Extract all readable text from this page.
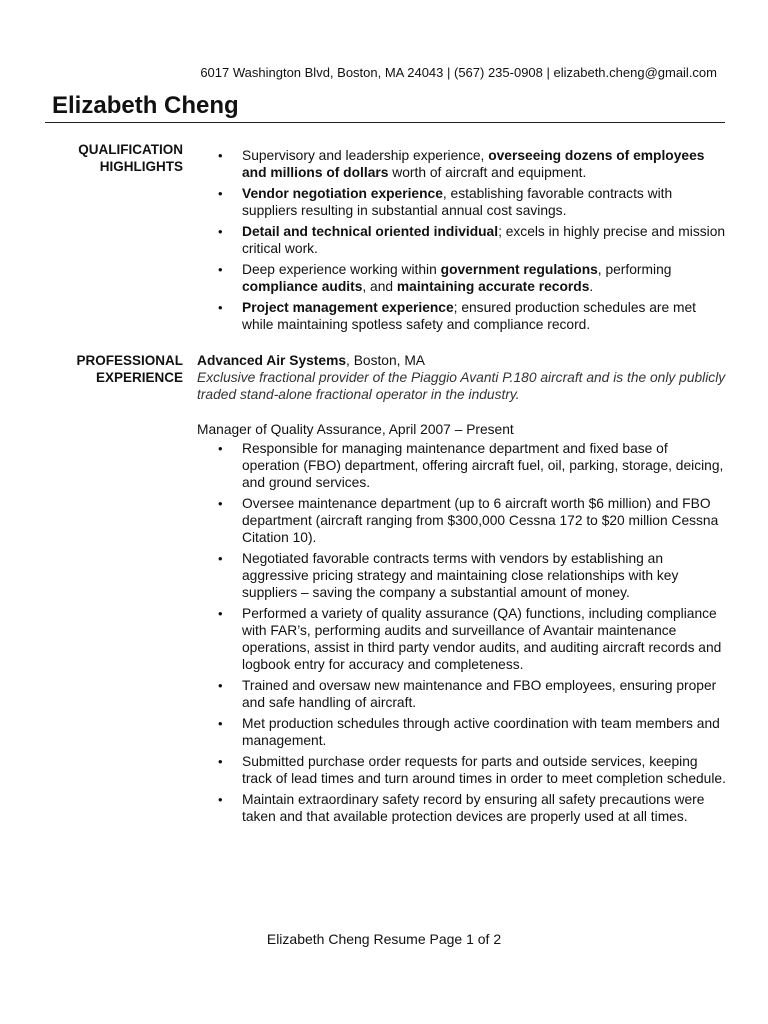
6017 Washington Blvd, Boston, MA 24043 | (567) 235-0908 | elizabeth.cheng@gmail.com
Elizabeth Cheng
QUALIFICATION
HIGHLIGHTS
• Supervisory and leadership experience, overseeing dozens of employees and millions of dollars worth of aircraft and equipment.
• Vendor negotiation experience, establishing favorable contracts with suppliers resulting in substantial annual cost savings.
• Detail and technical oriented individual; excels in highly precise and mission critical work.
• Deep experience working within government regulations, performing compliance audits, and maintaining accurate records.
• Project management experience; ensured production schedules are met while maintaining spotless safety and compliance record.
PROFESSIONAL
EXPERIENCE

Advanced Air Systems, Boston, MA

Exclusive fractional provider of the Piaggio Avanti P.180 aircraft and is the only publicly traded stand-alone fractional operator in the industry.

Manager of Quality Assurance, April 2007 – Present

• Responsible for managing maintenance department and fixed base of operation (FBO) department, offering aircraft fuel, oil, parking, storage, deicing, and ground services.
• Oversee maintenance department (up to 6 aircraft worth $6 million) and FBO department (aircraft ranging from $300,000 Cessna 172 to $20 million Cessna Citation 10).
• Negotiated favorable contracts terms with vendors by establishing an aggressive pricing strategy and maintaining close relationships with key suppliers – saving the company a substantial amount of money.
• Performed a variety of quality assurance (QA) functions, including compliance with FAR’s, performing audits and surveillance of Avantair maintenance operations, assist in third party vendor audits, and auditing aircraft records and logbook entry for accuracy and completeness.
• Trained and oversaw new maintenance and FBO employees, ensuring proper and safe handling of aircraft.
• Met production schedules through active coordination with team members and management.
• Submitted purchase order requests for parts and outside services, keeping track of lead times and turn around times in order to meet completion schedule.
• Maintain extraordinary safety record by ensuring all safety precautions were taken and that available protection devices are properly used at all times.
Elizabeth Cheng Resume Page 1 of 2
